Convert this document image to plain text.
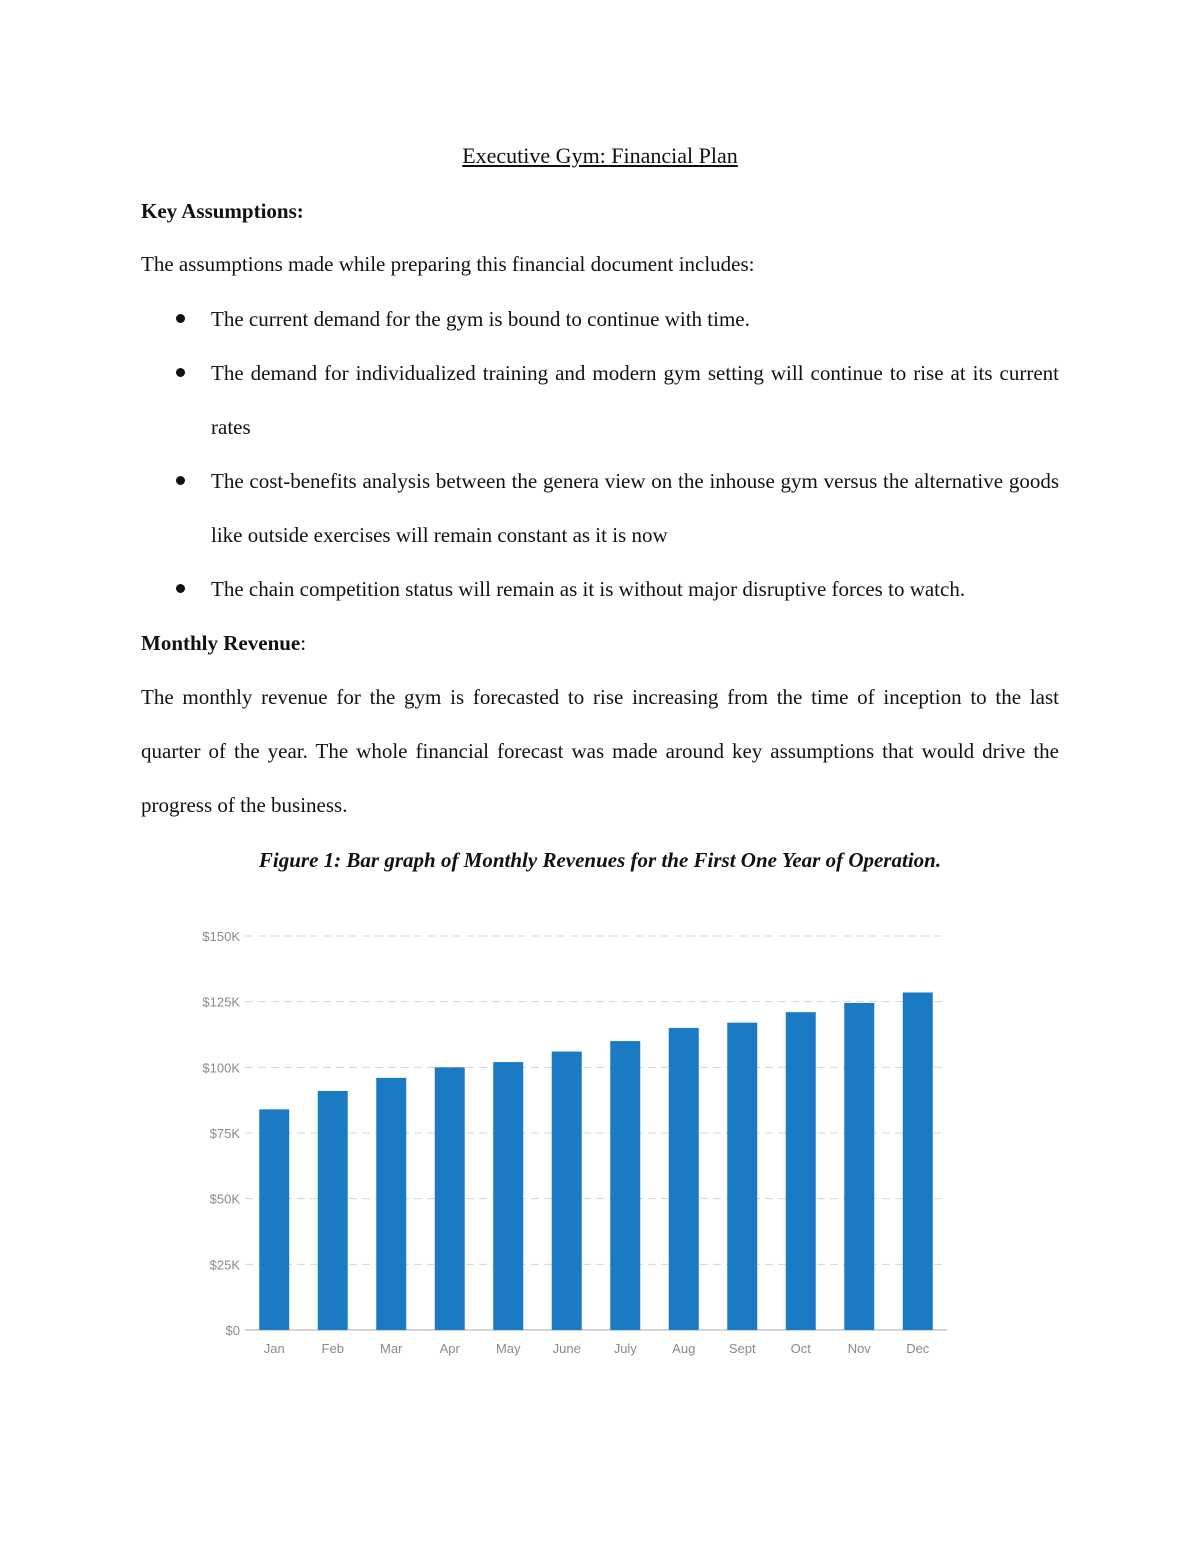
Executive Gym: Financial Plan
Key Assumptions:
The assumptions made while preparing this financial document includes:
The current demand for the gym is bound to continue with time.
The demand for individualized training and modern gym setting will continue to rise at its current rates
The cost-benefits analysis between the genera view on the inhouse gym versus the alternative goods like outside exercises will remain constant as it is now
The chain competition status will remain as it is without major disruptive forces to watch.
Monthly Revenue:
The monthly revenue for the gym is forecasted to rise increasing from the time of inception to the last quarter of the year. The whole financial forecast was made around key assumptions that would drive the progress of the business.
Figure 1: Bar graph of Monthly Revenues for the First One Year of Operation.
$0
$25K
$50K
$75K
$100K
$125K
$150K
Jan	Feb	Mar	Apr	May June	July	Aug	Sept	Oct	Nov	Dec
